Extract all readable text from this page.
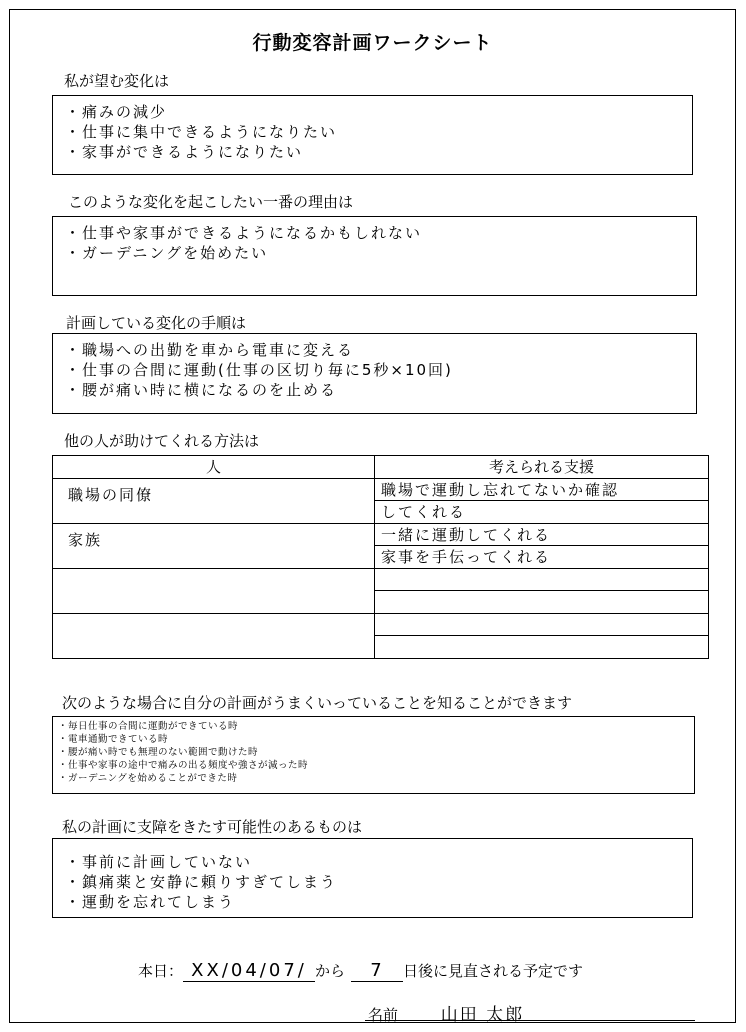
行動変容計画ワークシート
私が望む変化は
・痛みの減少
・仕事に集中できるようになりたい
・家事ができるようになりたい
このような変化を起こしたい一番の理由は
・仕事や家事ができるようになるかもしれない
・ガーデニングを始めたい
計画している変化の手順は
・職場への出勤を車から電車に変える
・仕事の合間に運動(仕事の区切り毎に5秒×10回)
・腰が痛い時に横になるのを止める
他の人が助けてくれる方法は
人	考えられる支援
職場の同僚	職場で運動し忘れてないか確認
	してくれる
家族	一緒に運動してくれる
	家事を手伝ってくれる

次のような場合に自分の計画がうまくいっていることを知ることができます
・毎日仕事の合間に運動ができている時
・電車通勤できている時
・腰が痛い時でも無理のない範囲で動けた時
・仕事や家事の途中で痛みの出る頻度や強さが減った時
・ガーデニングを始めることができた時
私の計画に支障をきたす可能性のあるものは
・事前に計画していない
・鎮痛薬と安静に頼りすぎてしまう
・運動を忘れてしまう
本日： XX/04/07/ から 7 日後に見直される予定です
名前	山田 太郎
